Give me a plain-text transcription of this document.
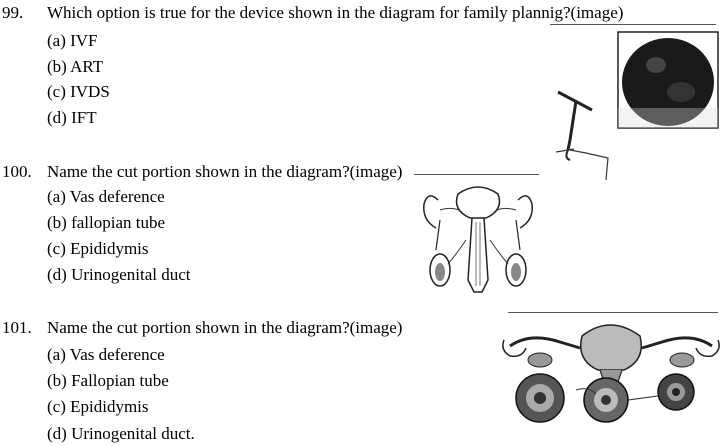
99. Which option is true for the device shown in the diagram for family plannig?(image)
(a) IVF
(b) ART
(c) IVDS
(d) IFT
100. Name the cut portion shown in the diagram?(image)
(a) Vas deference
(b) fallopian tube
(c) Epididymis
(d) Urinogenital duct
101. Name the cut portion shown in the diagram?(image)
(a) Vas deference
(b) Fallopian tube
(c) Epididymis
(d) Urinogenital duct.
